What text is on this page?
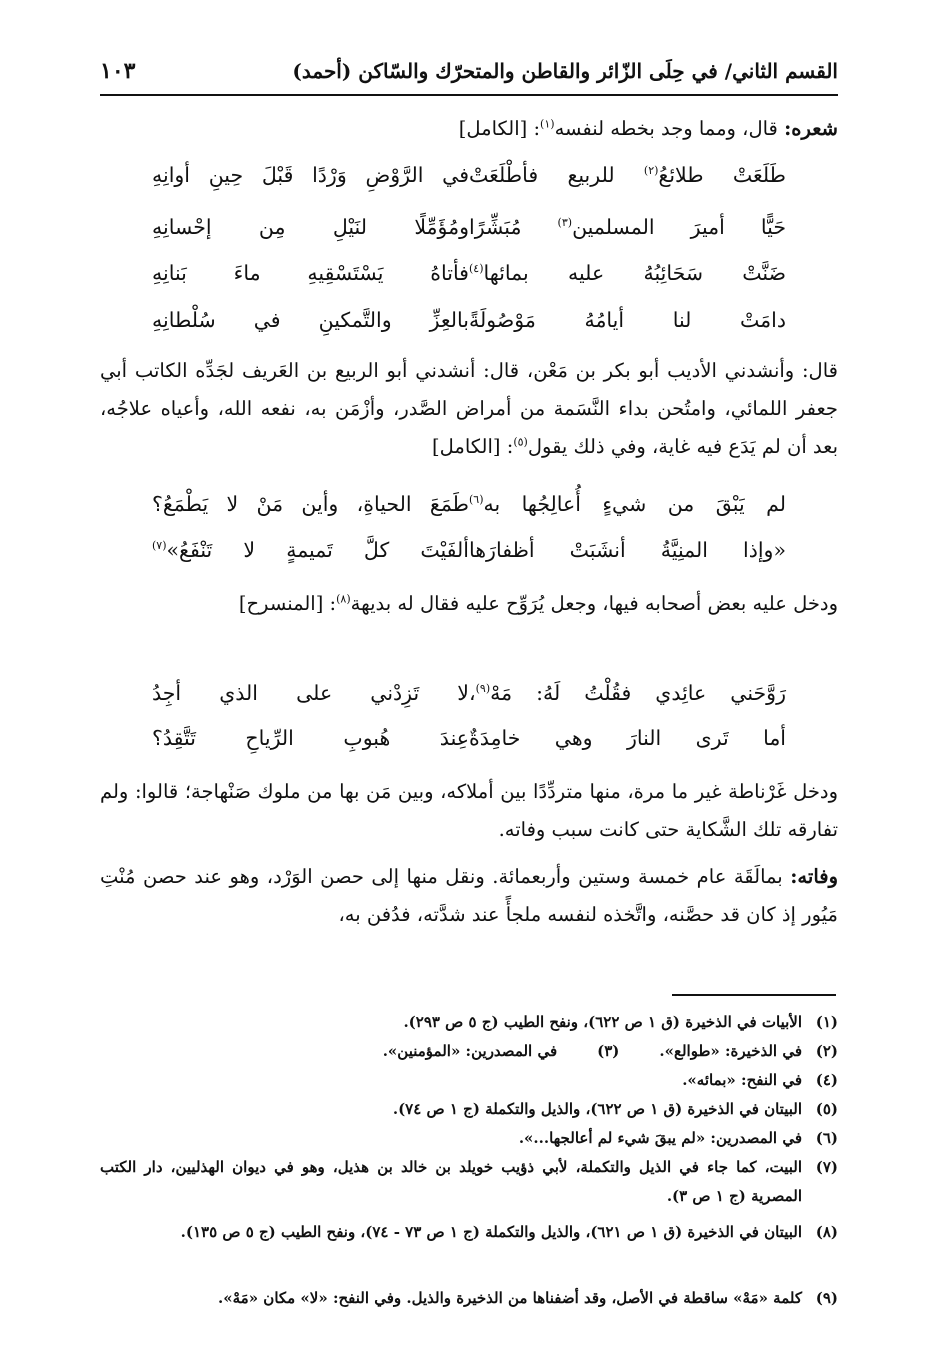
القسم الثاني/ في حِلَى الزّائر والقاطن والمتحرّك والسّاكن (أحمد)
١٠٣
شعره: قال، ومما وجد بخطه لنفسه$^{(١)}$: [الكامل]
طَلَعَتْ طلائعُ$^{(٢)}$ للربيع فأطْلَعَتْ
في الرَّوْضِ وَرْدًا قَبْلَ حِينِ أوانِهِ
حَيًّا أميرَ المسلمين$^{(٣)}$ مُبَشِّرًا
ومُؤَمِّلًا لنَيْلِ مِن إحْسانِهِ
ضَنَّتْ سَحَائِبُهُ عليه بمائها$^{(٤)}$
فأتاهُ يَسْتَسْقِيهِ ماءَ بَنانِهِ
دامَتْ لنا أيامُهُ مَوْصُولَةً
بالعِزِّ والتَّمكينِ في سُلْطانِهِ
قال: وأنشدني الأديب أبو بكر بن مَعْن، قال: أنشدني أبو الربيع بن العَريف لجَدِّه الكاتب أبي جعفر اللمائي، وامتُحن بداء النَّسَمة من أمراض الصَّدر، وأزْمَن به، نفعه الله، وأعياه علاجُه، بعد أن لم يَدَع فيه غاية، وفي ذلك يقول$^{(٥)}$: [الكامل]
لم يَبْقَ من شيءٍ أُعالِجُها به$^{(٦)}$
طَمَعَ الحياةِ، وأين مَنْ لا يَطْمَعُ؟
«وإذا المنِيَّةُ أنشَبَتْ أظفارَها
ألفَيْتَ كلَّ تَميمةٍ لا تَنْفَعُ»$^{(٧)}$
ودخل عليه بعض أصحابه فيها، وجعل يُرَوِّح عليه فقال له بديهة$^{(٨)}$: [المنسرح]
رَوَّحَني عائِدي فقُلْتُ لَهُ: مَهْ$^{(٩)}$،
لا تَزِدْني على الذي أجِدُ
أما تَرى النارَ وهي خامِدَةٌ
عِندَ هُبوبِ الرِّياحِ تَتَّقِدُ؟
ودخل غَرْناطة غير ما مرة، منها متردِّدًا بين أملاكه، وبين مَن بها من ملوك صَنْهاجة؛ قالوا: ولم تفارقه تلك الشَّكاية حتى كانت سبب وفاته.
وفاته: بمالَقَة عام خمسة وستين وأربعمائة. ونقل منها إلى حصن الوَرْد، وهو عند حصن مُنْتِ مَيُور إذ كان قد حصَّنه، واتَّخذه لنفسه ملجأً عند شدَّته، فدُفن به،
(١)
الأبيات في الذخيرة (ق ١ ص ٦٢٢)، ونفح الطيب (ج ٥ ص ٢٩٣).
(٢)
في الذخيرة: «طوالع».
(٣)
في المصدرين: «المؤمنين».
(٤)
في النفح: «بمائه».
(٥)
البيتان في الذخيرة (ق ١ ص ٦٢٢)، والذيل والتكملة (ج ١ ص ٧٤).
(٦)
في المصدرين: «لم يبقَ شيء لم أعالجها...».
(٧)
البيت، كما جاء في الذيل والتكملة، لأبي ذؤيب خويلد بن خالد بن هذيل، وهو في ديوان الهذليين، دار الكتب المصرية (ج ١ ص ٣).
(٨)
البيتان في الذخيرة (ق ١ ص ٦٢١)، والذيل والتكملة (ج ١ ص ٧٣ - ٧٤)، ونفح الطيب (ج ٥ ص ١٣٥).
(٩)
كلمة «مَهْ» ساقطة في الأصل، وقد أضفناها من الذخيرة والذيل. وفي النفح: «لا» مكان «مَهْ».
